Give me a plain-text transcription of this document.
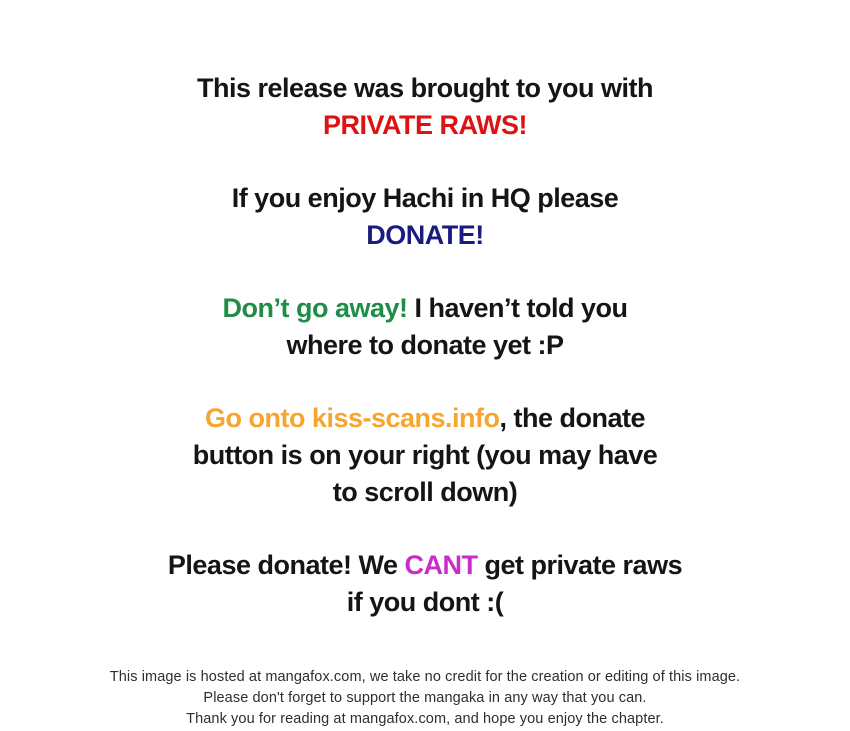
This release was brought to you with
PRIVATE RAWS!

If you enjoy Hachi in HQ please
DONATE!

Don’t go away! I haven’t told you
where to donate yet :P

Go onto kiss-scans.info, the donate
button is on your right (you may have
to scroll down)

Please donate! We CANT get private raws
if you dont :(

This image is hosted at mangafox.com, we take no credit for the creation or editing of this image.

Please don't forget to support the mangaka in any way that you can.

Thank you for reading at mangafox.com, and hope you enjoy the chapter.
